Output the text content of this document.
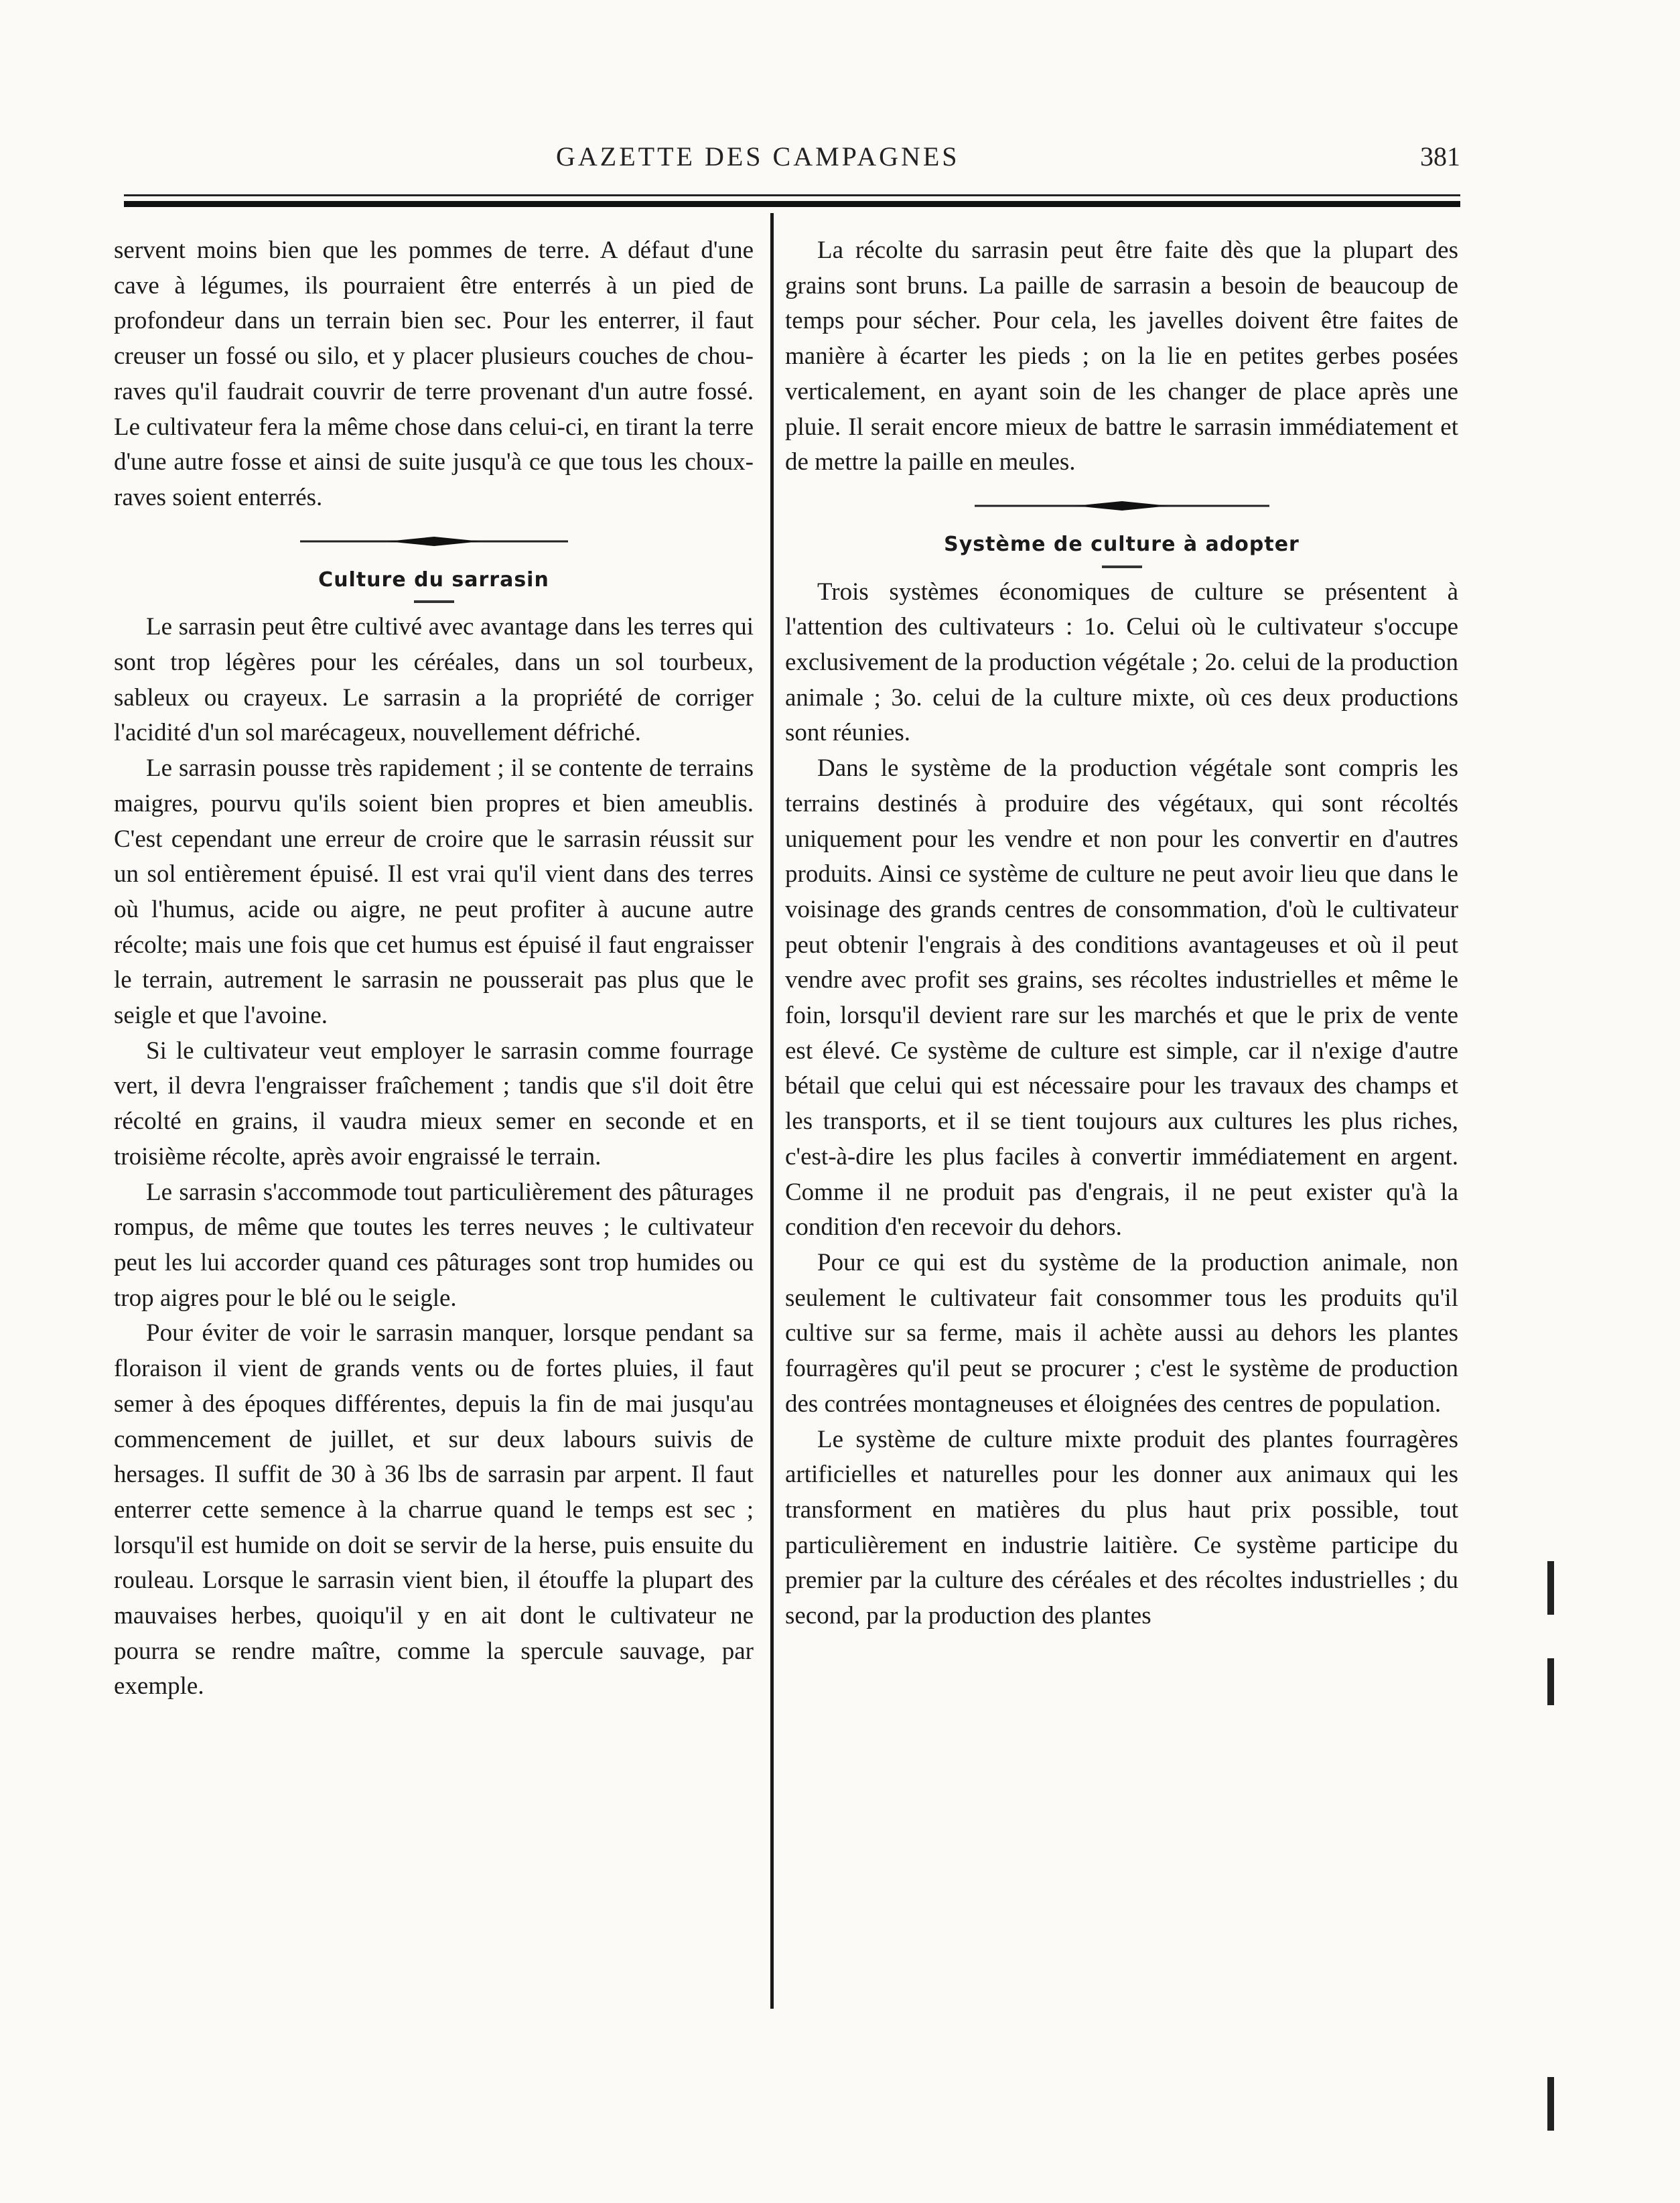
GAZETTE DES CAMPAGNES	381

servent moins bien que les pommes de terre. A défaut d'une cave à légumes, ils pourraient être enterrés à un pied de profondeur dans un terrain bien sec. Pour les enterrer, il faut creuser un fossé ou silo, et y placer plusieurs couches de chou-raves qu'il faudrait couvrir de terre provenant d'un autre fossé. Le cultivateur fera la même chose dans celui-ci, en tirant la terre d'une autre fosse et ainsi de suite jusqu'à ce que tous les choux-raves soient enterrés.

Culture du sarrasin

Le sarrasin peut être cultivé avec avantage dans les terres qui sont trop légères pour les céréales, dans un sol tourbeux, sableux ou crayeux. Le sarrasin a la propriété de corriger l'acidité d'un sol marécageux, nouvellement défriché.

Le sarrasin pousse très rapidement ; il se contente de terrains maigres, pourvu qu'ils soient bien propres et bien ameublis. C'est cependant une erreur de croire que le sarrasin réussit sur un sol entièrement épuisé. Il est vrai qu'il vient dans des terres où l'humus, acide ou aigre, ne peut profiter à aucune autre récolte; mais une fois que cet humus est épuisé il faut engraisser le terrain, autrement le sarrasin ne pousserait pas plus que le seigle et que l'avoine.

Si le cultivateur veut employer le sarrasin comme fourrage vert, il devra l'engraisser fraîchement ; tandis que s'il doit être récolté en grains, il vaudra mieux semer en seconde et en troisième récolte, après avoir engraissé le terrain.

Le sarrasin s'accommode tout particulièrement des pâturages rompus, de même que toutes les terres neuves ; le cultivateur peut les lui accorder quand ces pâturages sont trop humides ou trop aigres pour le blé ou le seigle.

Pour éviter de voir le sarrasin manquer, lorsque pendant sa floraison il vient de grands vents ou de fortes pluies, il faut semer à des époques différentes, depuis la fin de mai jusqu'au commencement de juillet, et sur deux labours suivis de hersages. Il suffit de 30 à 36 lbs de sarrasin par arpent. Il faut enterrer cette semence à la charrue quand le temps est sec ; lorsqu'il est humide on doit se servir de la herse, puis ensuite du rouleau. Lorsque le sarrasin vient bien, il étouffe la plupart des mauvaises herbes, quoiqu'il y en ait dont le cultivateur ne pourra se rendre maître, comme la spercule sauvage, par exemple.

La récolte du sarrasin peut être faite dès que la plupart des grains sont bruns. La paille de sarrasin a besoin de beaucoup de temps pour sécher. Pour cela, les javelles doivent être faites de manière à écarter les pieds ; on la lie en petites gerbes posées verticalement, en ayant soin de les changer de place après une pluie. Il serait encore mieux de battre le sarrasin immédiatement et de mettre la paille en meules.

Système de culture à adopter

Trois systèmes économiques de culture se présentent à l'attention des cultivateurs : 1o. Celui où le cultivateur s'occupe exclusivement de la production végétale ; 2o. celui de la production animale ; 3o. celui de la culture mixte, où ces deux productions sont réunies.

Dans le système de la production végétale sont compris les terrains destinés à produire des végétaux, qui sont récoltés uniquement pour les vendre et non pour les convertir en d'autres produits. Ainsi ce système de culture ne peut avoir lieu que dans le voisinage des grands centres de consommation, d'où le cultivateur peut obtenir l'engrais à des conditions avantageuses et où il peut vendre avec profit ses grains, ses récoltes industrielles et même le foin, lorsqu'il devient rare sur les marchés et que le prix de vente est élevé. Ce système de culture est simple, car il n'exige d'autre bétail que celui qui est nécessaire pour les travaux des champs et les transports, et il se tient toujours aux cultures les plus riches, c'est-à-dire les plus faciles à convertir immédiatement en argent. Comme il ne produit pas d'engrais, il ne peut exister qu'à la condition d'en recevoir du dehors.

Pour ce qui est du système de la production animale, non seulement le cultivateur fait consommer tous les produits qu'il cultive sur sa ferme, mais il achète aussi au dehors les plantes fourragères qu'il peut se procurer ; c'est le système de production des contrées montagneuses et éloignées des centres de population.

Le système de culture mixte produit des plantes fourragères artificielles et naturelles pour les donner aux animaux qui les transforment en matières du plus haut prix possible, tout particulièrement en industrie laitière. Ce système participe du premier par la culture des céréales et des récoltes industrielles ; du second, par la production des plantes
